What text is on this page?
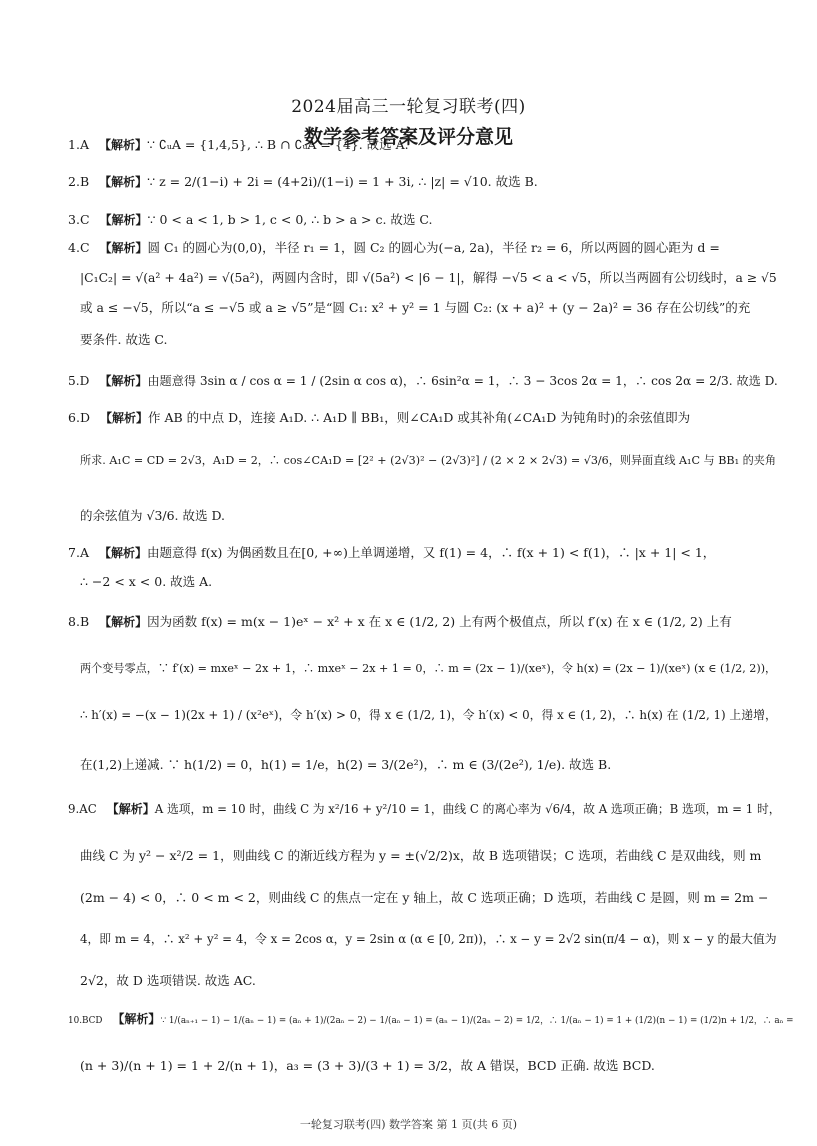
2024届高三一轮复习联考(四)
数学参考答案及评分意见
1.A 【解析】∵ ∁ᵤA = {1,4,5}, ∴ B ∩ ∁ᵤA = {4}. 故选 A.
2.B 【解析】∵ z = 2/(1−i) + 2i = (4+2i)/(1−i) = 1 + 3i, ∴ |z| = √10. 故选 B.
3.C 【解析】∵ 0 < a < 1, b > 1, c < 0, ∴ b > a > c. 故选 C.
4.C 【解析】圆 C₁ 的圆心为(0,0)，半径 r₁ = 1，圆 C₂ 的圆心为(−a, 2a)，半径 r₂ = 6，所以两圆的圆心距为 d =
|C₁C₂| = √(a² + 4a²) = √(5a²)，两圆内含时，即 √(5a²) < |6 − 1|，解得 −√5 < a < √5，所以当两圆有公切线时，a ≥ √5
或 a ≤ −√5，所以“a ≤ −√5 或 a ≥ √5”是“圆 C₁: x² + y² = 1 与圆 C₂: (x + a)² + (y − 2a)² = 36 存在公切线”的充
要条件. 故选 C.
5.D 【解析】由题意得 3sin α / cos α = 1 / (2sin α cos α)，∴ 6sin²α = 1，∴ 3 − 3cos 2α = 1，∴ cos 2α = 2/3. 故选 D.
6.D 【解析】作 AB 的中点 D，连接 A₁D. ∴ A₁D ∥ BB₁，则∠CA₁D 或其补角(∠CA₁D 为钝角时)的余弦值即为
所求. A₁C = CD = 2√3，A₁D = 2，∴ cos∠CA₁D = [2² + (2√3)² − (2√3)²] / (2 × 2 × 2√3) = √3/6，则异面直线 A₁C 与 BB₁ 的夹角
的余弦值为 √3/6. 故选 D.
7.A 【解析】由题意得 f(x) 为偶函数且在[0, +∞)上单调递增，又 f(1) = 4，∴ f(x + 1) < f(1)，∴ |x + 1| < 1，
∴ −2 < x < 0. 故选 A.
8.B 【解析】因为函数 f(x) = m(x − 1)eˣ − x² + x 在 x ∈ (1/2, 2) 上有两个极值点，所以 f′(x) 在 x ∈ (1/2, 2) 上有
两个变号零点，∵ f′(x) = mxeˣ − 2x + 1，∴ mxeˣ − 2x + 1 = 0，∴ m = (2x − 1)/(xeˣ)，令 h(x) = (2x − 1)/(xeˣ) (x ∈ (1/2, 2))，
∴ h′(x) = −(x − 1)(2x + 1) / (x²eˣ)，令 h′(x) > 0，得 x ∈ (1/2, 1)，令 h′(x) < 0，得 x ∈ (1, 2)，∴ h(x) 在 (1/2, 1) 上递增，
在(1,2)上递减. ∵ h(1/2) = 0，h(1) = 1/e，h(2) = 3/(2e²)，∴ m ∈ (3/(2e²), 1/e). 故选 B.
9.AC 【解析】A 选项，m = 10 时，曲线 C 为 x²/16 + y²/10 = 1，曲线 C 的离心率为 √6/4，故 A 选项正确；B 选项，m = 1 时，
曲线 C 为 y² − x²/2 = 1，则曲线 C 的渐近线方程为 y = ±(√2/2)x，故 B 选项错误；C 选项，若曲线 C 是双曲线，则 m
(2m − 4) < 0，∴ 0 < m < 2，则曲线 C 的焦点一定在 y 轴上，故 C 选项正确；D 选项，若曲线 C 是圆，则 m = 2m −
4，即 m = 4，∴ x² + y² = 4，令 x = 2cos α，y = 2sin α (α ∈ [0, 2π))，∴ x − y = 2√2 sin(π/4 − α)，则 x − y 的最大值为
2√2，故 D 选项错误. 故选 AC.
10.BCD 【解析】∵ 1/(aₙ₊₁ − 1) − 1/(aₙ − 1) = (aₙ + 1)/(2aₙ − 2) − 1/(aₙ − 1) = (aₙ − 1)/(2aₙ − 2) = 1/2，∴ 1/(aₙ − 1) = 1 + (1/2)(n − 1) = (1/2)n + 1/2，∴ aₙ =
(n + 3)/(n + 1) = 1 + 2/(n + 1)，a₃ = (3 + 3)/(3 + 1) = 3/2，故 A 错误，BCD 正确. 故选 BCD.
一轮复习联考(四) 数学答案 第 1 页(共 6 页)
